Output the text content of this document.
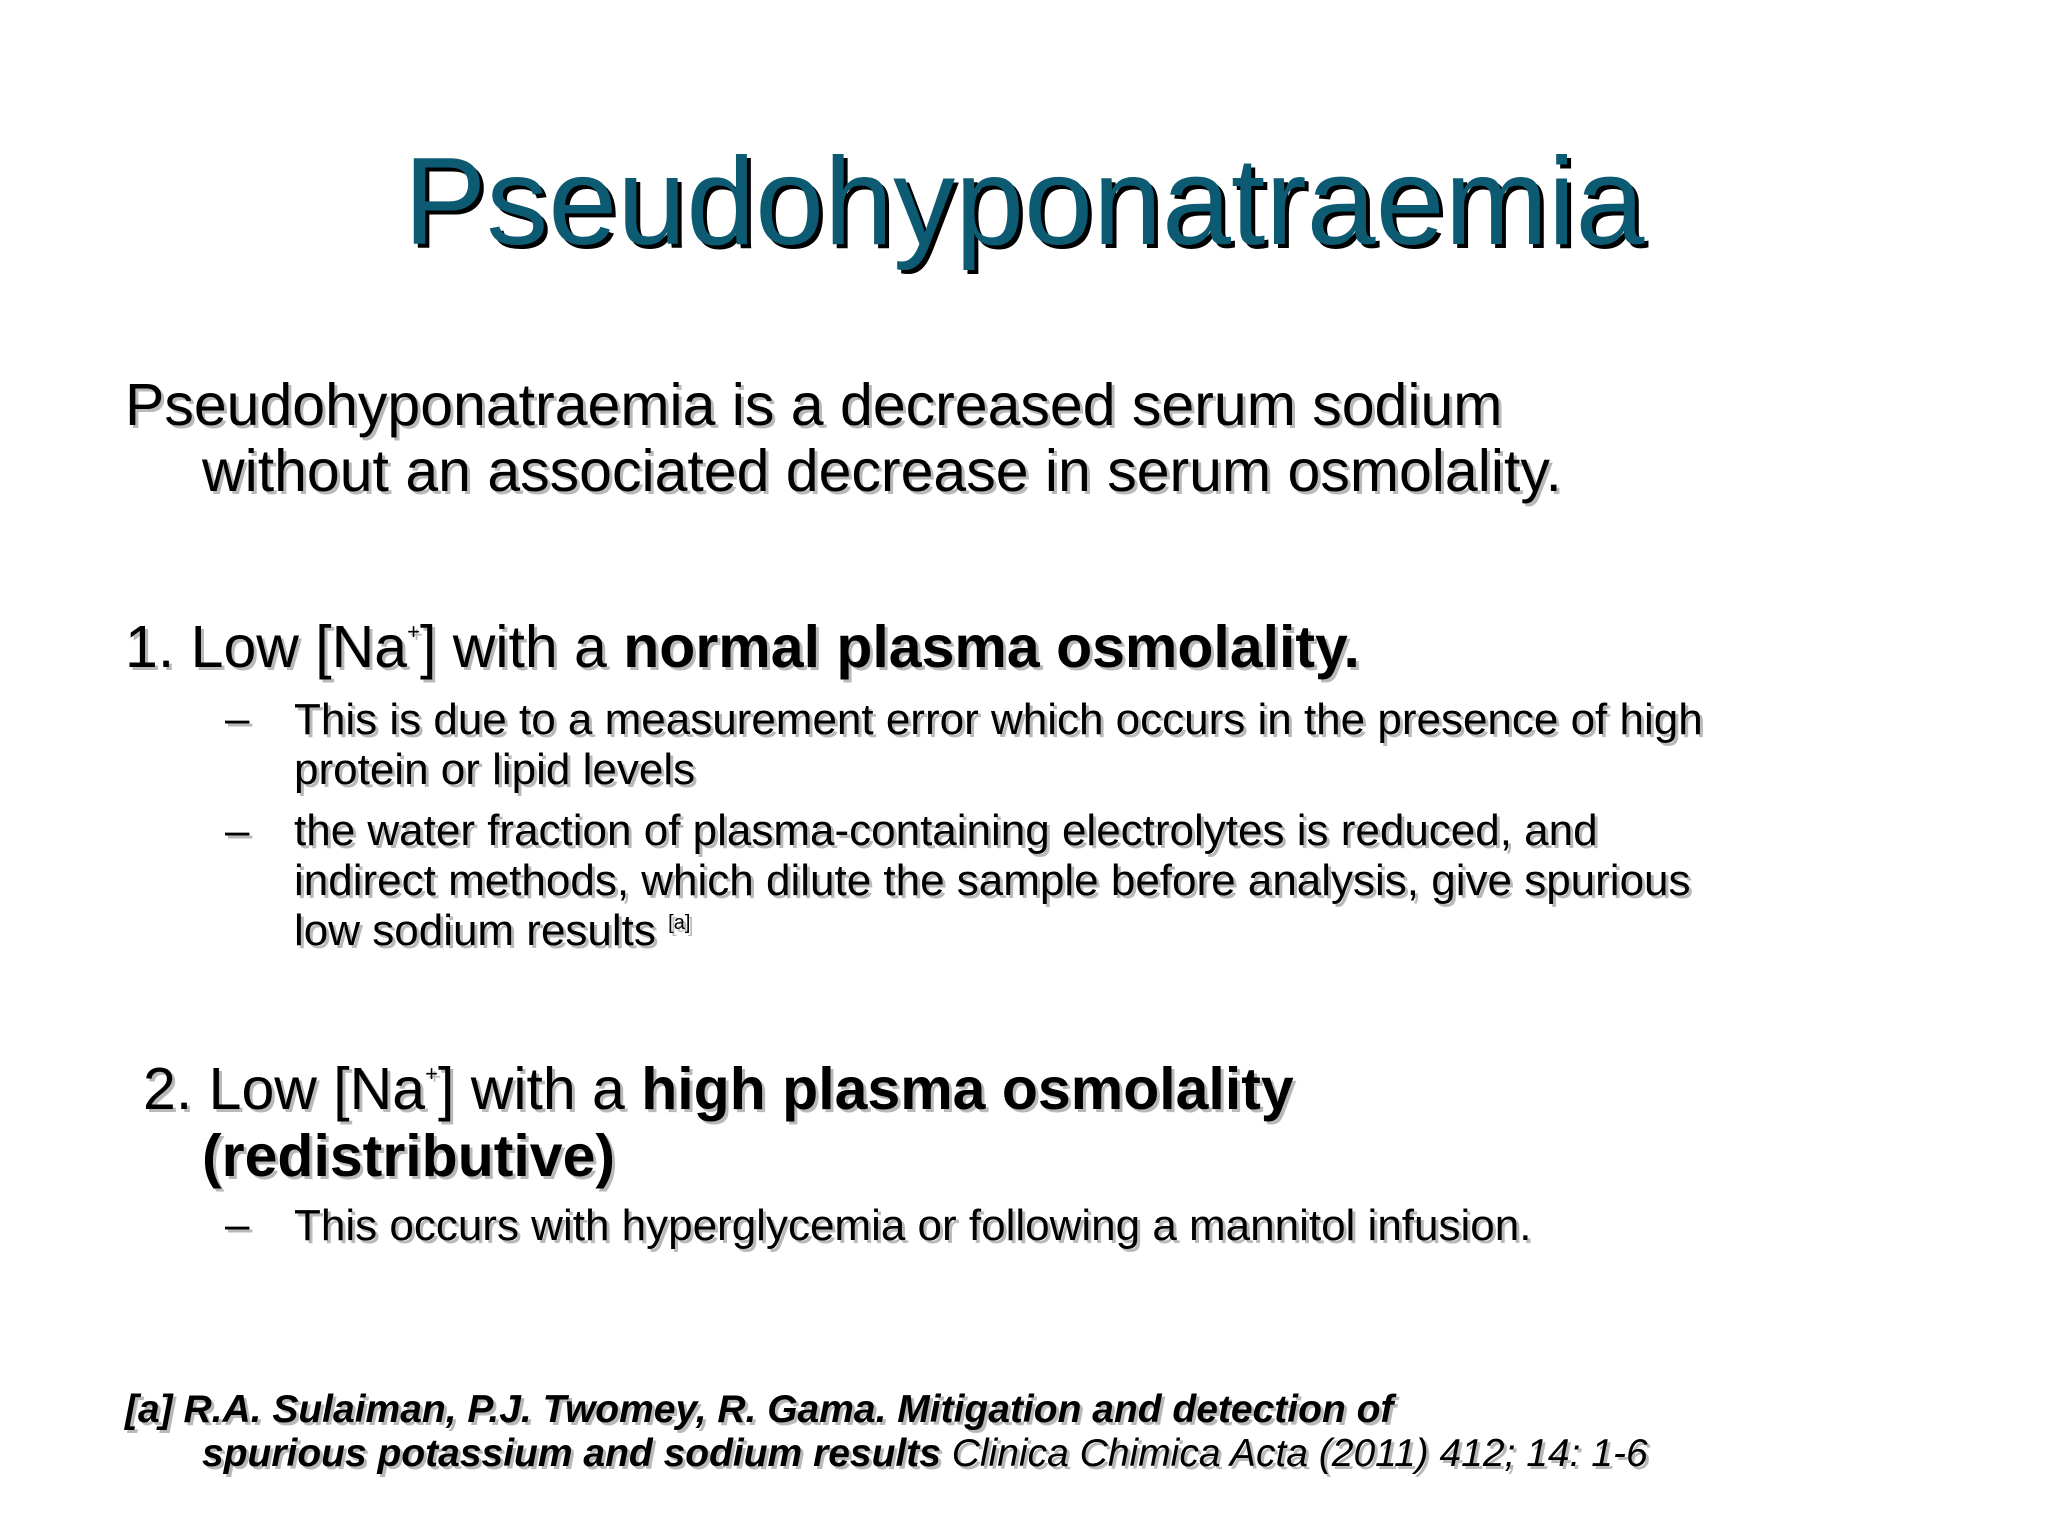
Pseudohyponatraemia
Pseudohyponatraemia is a decreased serum sodium
without an associated decrease in serum osmolality.
1. Low [Na+] with a normal plasma osmolality.
– This is due to a measurement error which occurs in the presence of high
protein or lipid levels
– the water fraction of plasma-containing electrolytes is reduced, and
indirect methods, which dilute the sample before analysis, give spurious
low sodium results [a]
2. Low [Na+] with a high plasma osmolality
(redistributive)
– This occurs with hyperglycemia or following a mannitol infusion.
[a] R.A. Sulaiman, P.J. Twomey, R. Gama. Mitigation and detection of
spurious potassium and sodium results Clinica Chimica Acta (2011) 412; 14: 1-6
